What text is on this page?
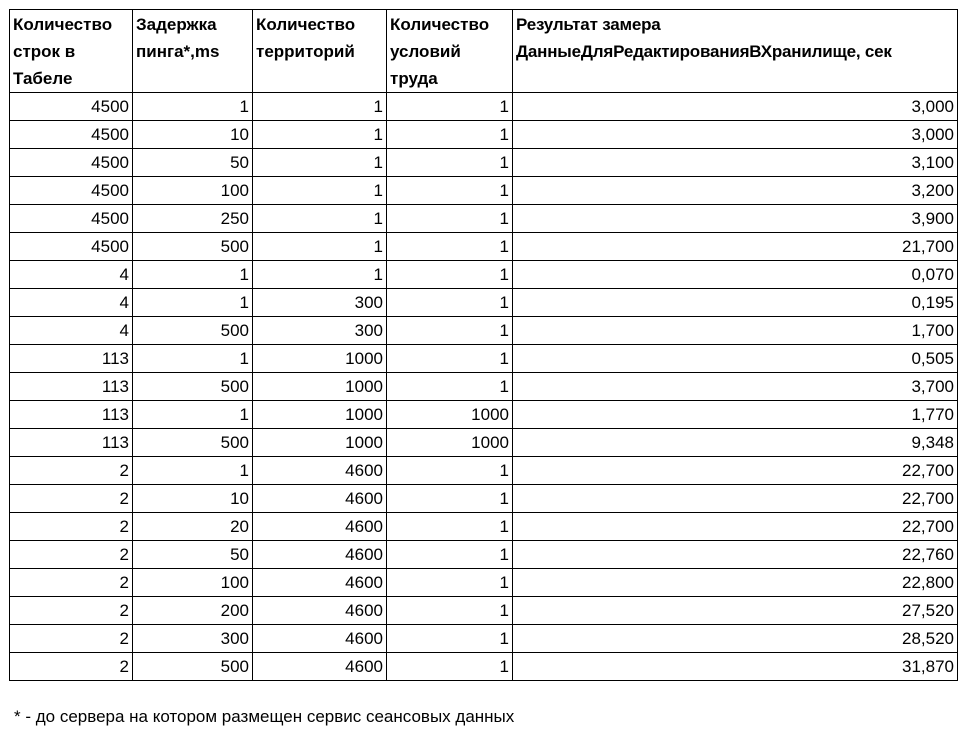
Количество строк в Табеле	Задержка пинга*,ms	Количество территорий	Количество условий труда	Результат замера ДанныеДляРедактированияВХранилище, сек
4500	1	1	1	3,000
4500	10	1	1	3,000
4500	50	1	1	3,100
4500	100	1	1	3,200
4500	250	1	1	3,900
4500	500	1	1	21,700
4	1	1	1	0,070
4	1	300	1	0,195
4	500	300	1	1,700
113	1	1000	1	0,505
113	500	1000	1	3,700
113	1	1000	1000	1,770
113	500	1000	1000	9,348
2	1	4600	1	22,700
2	10	4600	1	22,700
2	20	4600	1	22,700
2	50	4600	1	22,760
2	100	4600	1	22,800
2	200	4600	1	27,520
2	300	4600	1	28,520
2	500	4600	1	31,870
* - до сервера на котором размещен сервис сеансовых данных
